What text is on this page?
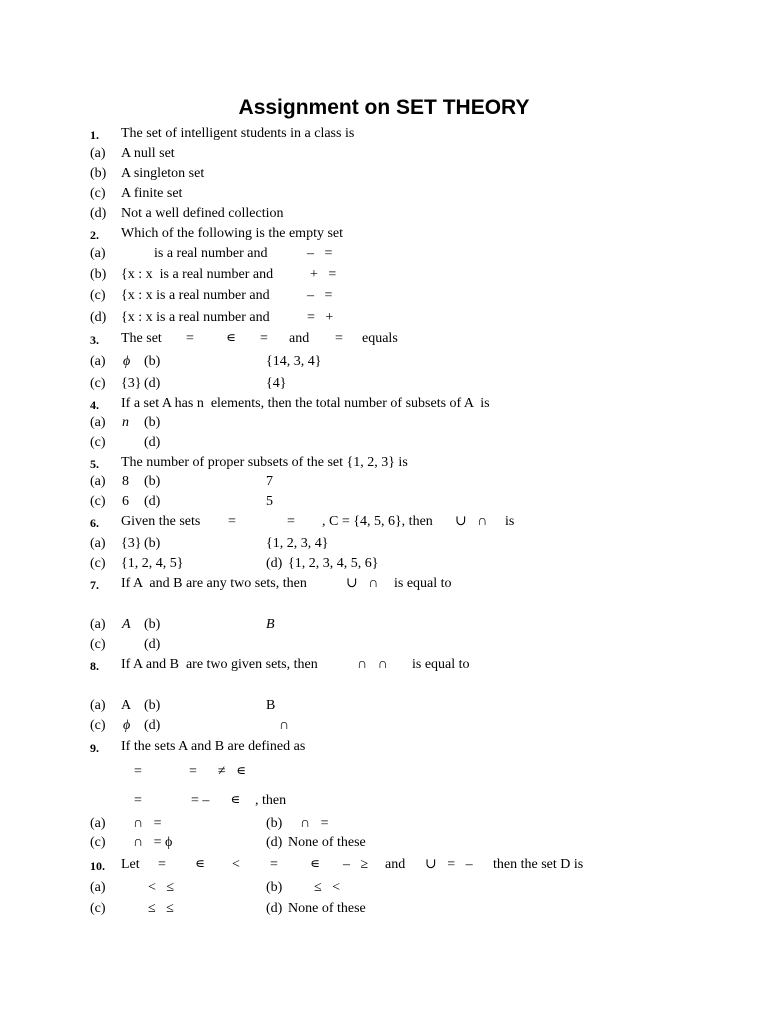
Assignment on SET THEORY
1. The set of intelligent students in a class is
(a) A null set
(b) A singleton set
(c) A finite set
(d) Not a well defined collection
2. Which of the following is the empty set
(a)	is a real number and	–   =
(b) {x : x  is a real number and	+   =
(c) {x : x is a real number and	–   =
(d) {x : x is a real number and	=   +
3. The set = ∊ = and = equals
(a) ϕ (b)	{14, 3, 4}
(c) {3} (d)	{4}
4. If a set A has n  elements, then the total number of subsets of A  is
(a) n (b)
(c)	(d)
5. The number of proper subsets of the set {1, 2, 3} is
(a) 8 (b)	7
(c) 6 (d)	5
6. Given the sets =	= , C = {4, 5, 6}, then ∪   ∩ is
(a) {3} (b)	{1, 2, 3, 4}
(c) {1, 2, 4, 5}	(d) {1, 2, 3, 4, 5, 6}
7. If A  and B are any two sets, then	∪   ∩ is equal to
(a) A (b)	B
(c)	(d)
8. If A and B  are two given sets, then	∩   ∩ is equal to
(a) A (b)	B
(c) ϕ (d)	∩
9. If the sets A and B are defined as
=	=      ≠   ∊
=	= –      ∊ , then
(a) ∩   =	(b) ∩   =
(c) ∩   = ϕ	(d) None of these
10. Let = ∊ < = ∊ –   ≥ and ∪   =   – then the set D is
(a)	<   ≤	(b) ≤   <
(c)	≤   ≤	(d) None of these
